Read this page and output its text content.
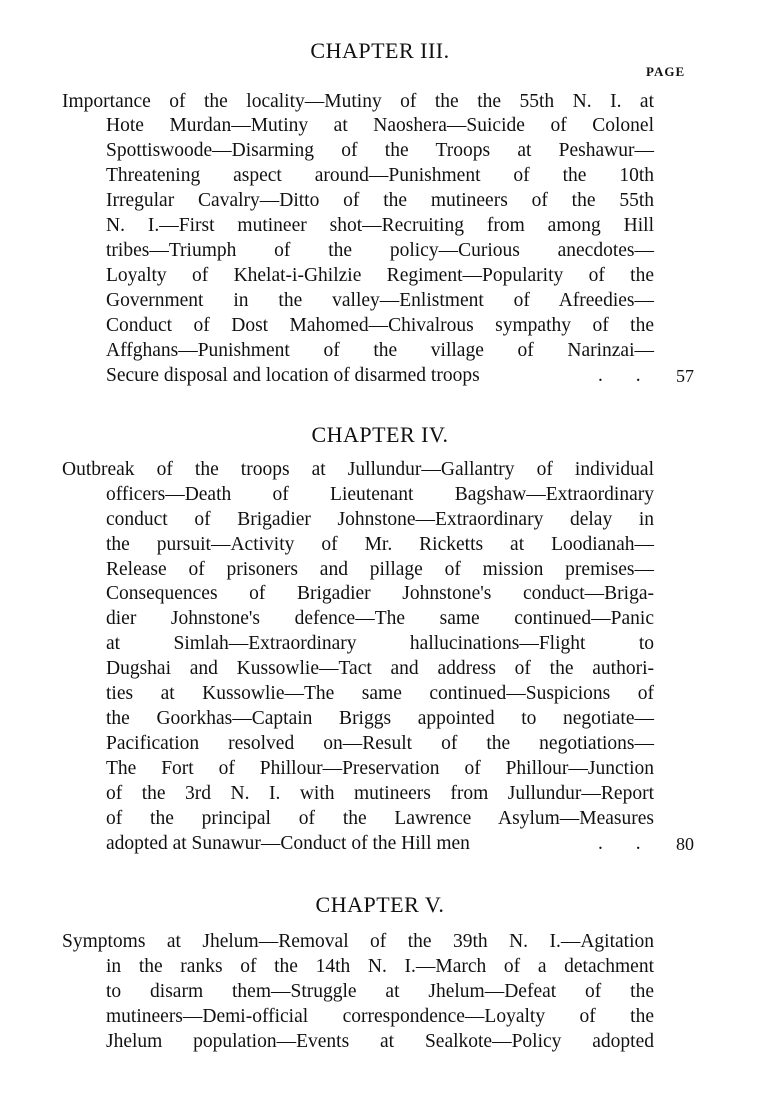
CHAPTER III.
PAGE
Importance of the locality—Mutiny of the the 55th N. I. at
Hote Murdan—Mutiny at Naoshera—Suicide of Colonel
Spottiswoode—Disarming of the Troops at Peshawur—
Threatening aspect around—Punishment of the 10th
Irregular Cavalry—Ditto of the mutineers of the 55th
N. I.—First mutineer shot—Recruiting from among Hill
tribes—Triumph of the policy—Curious anecdotes—
Loyalty of Khelat-i-Ghilzie Regiment—Popularity of the
Government in the valley—Enlistment of Afreedies—
Conduct of Dost Mahomed—Chivalrous sympathy of the
Affghans—Punishment of the village of Narinzai—
Secure disposal and location of disarmed troops	. . 57
CHAPTER IV.
Outbreak of the troops at Jullundur—Gallantry of individual
officers—Death of Lieutenant Bagshaw—Extraordinary
conduct of Brigadier Johnstone—Extraordinary delay in
the pursuit—Activity of Mr. Ricketts at Loodianah—
Release of prisoners and pillage of mission premises—
Consequences of Brigadier Johnstone's conduct—Briga-
dier Johnstone's defence—The same continued—Panic
at Simlah—Extraordinary hallucinations—Flight to
Dugshai and Kussowlie—Tact and address of the authori-
ties at Kussowlie—The same continued—Suspicions of
the Goorkhas—Captain Briggs appointed to negotiate—
Pacification resolved on—Result of the negotiations—
The Fort of Phillour—Preservation of Phillour—Junction
of the 3rd N. I. with mutineers from Jullundur—Report
of the principal of the Lawrence Asylum—Measures
adopted at Sunawur—Conduct of the Hill men	. . 80
CHAPTER V.
Symptoms at Jhelum—Removal of the 39th N. I.—Agitation
in the ranks of the 14th N. I.—March of a detachment
to disarm them—Struggle at Jhelum—Defeat of the
mutineers—Demi-official correspondence—Loyalty of the
Jhelum population—Events at Sealkote—Policy adopted
